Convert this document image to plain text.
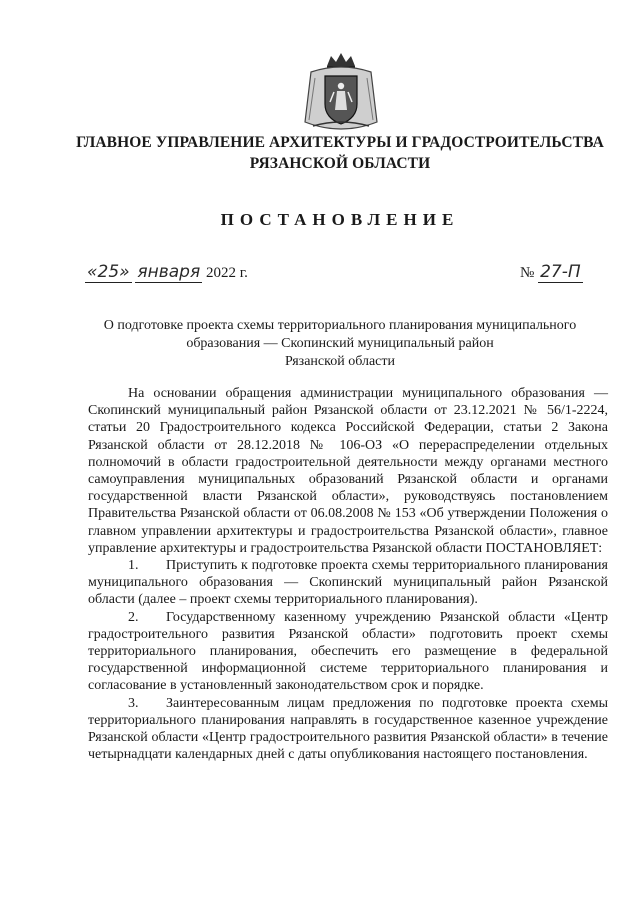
ГЛАВНОЕ УПРАВЛЕНИЕ АРХИТЕКТУРЫ И ГРАДОСТРОИТЕЛЬСТВА
РЯЗАНСКОЙ ОБЛАСТИ
ПОСТАНОВЛЕНИЕ
«25» января 2022 г.	№ 27-П
О подготовке проекта схемы территориального планирования муниципального
образования — Скопинский муниципальный район
Рязанской области

На основании обращения администрации муниципального образования — Скопинский муниципальный район Рязанской области от 23.12.2021 № 56/1-2224, статьи 20 Градостроительного кодекса Российской Федерации, статьи 2 Закона Рязанской области от 28.12.2018 № 106-ОЗ «О перераспределении отдельных полномочий в области градостроительной деятельности между органами местного самоуправления муниципальных образований Рязанской области и органами государственной власти Рязанской области», руководствуясь постановлением Правительства Рязанской области от 06.08.2008 № 153 «Об утверждении Положения о главном управлении архитектуры и градостроительства Рязанской области», главное управление архитектуры и градостроительства Рязанской области ПОСТАНОВЛЯЕТ:

1. Приступить к подготовке проекта схемы территориального планирования муниципального образования — Скопинский муниципальный район Рязанской области (далее – проект схемы территориального планирования).

2. Государственному казенному учреждению Рязанской области «Центр градостроительного развития Рязанской области» подготовить проект схемы территориального планирования, обеспечить его размещение в федеральной государственной информационной системе территориального планирования и согласование в установленный законодательством срок и порядке.

3. Заинтересованным лицам предложения по подготовке проекта схемы территориального планирования направлять в государственное казенное учреждение Рязанской области «Центр градостроительного развития Рязанской области» в течение четырнадцати календарных дней с даты опубликования настоящего постановления.
